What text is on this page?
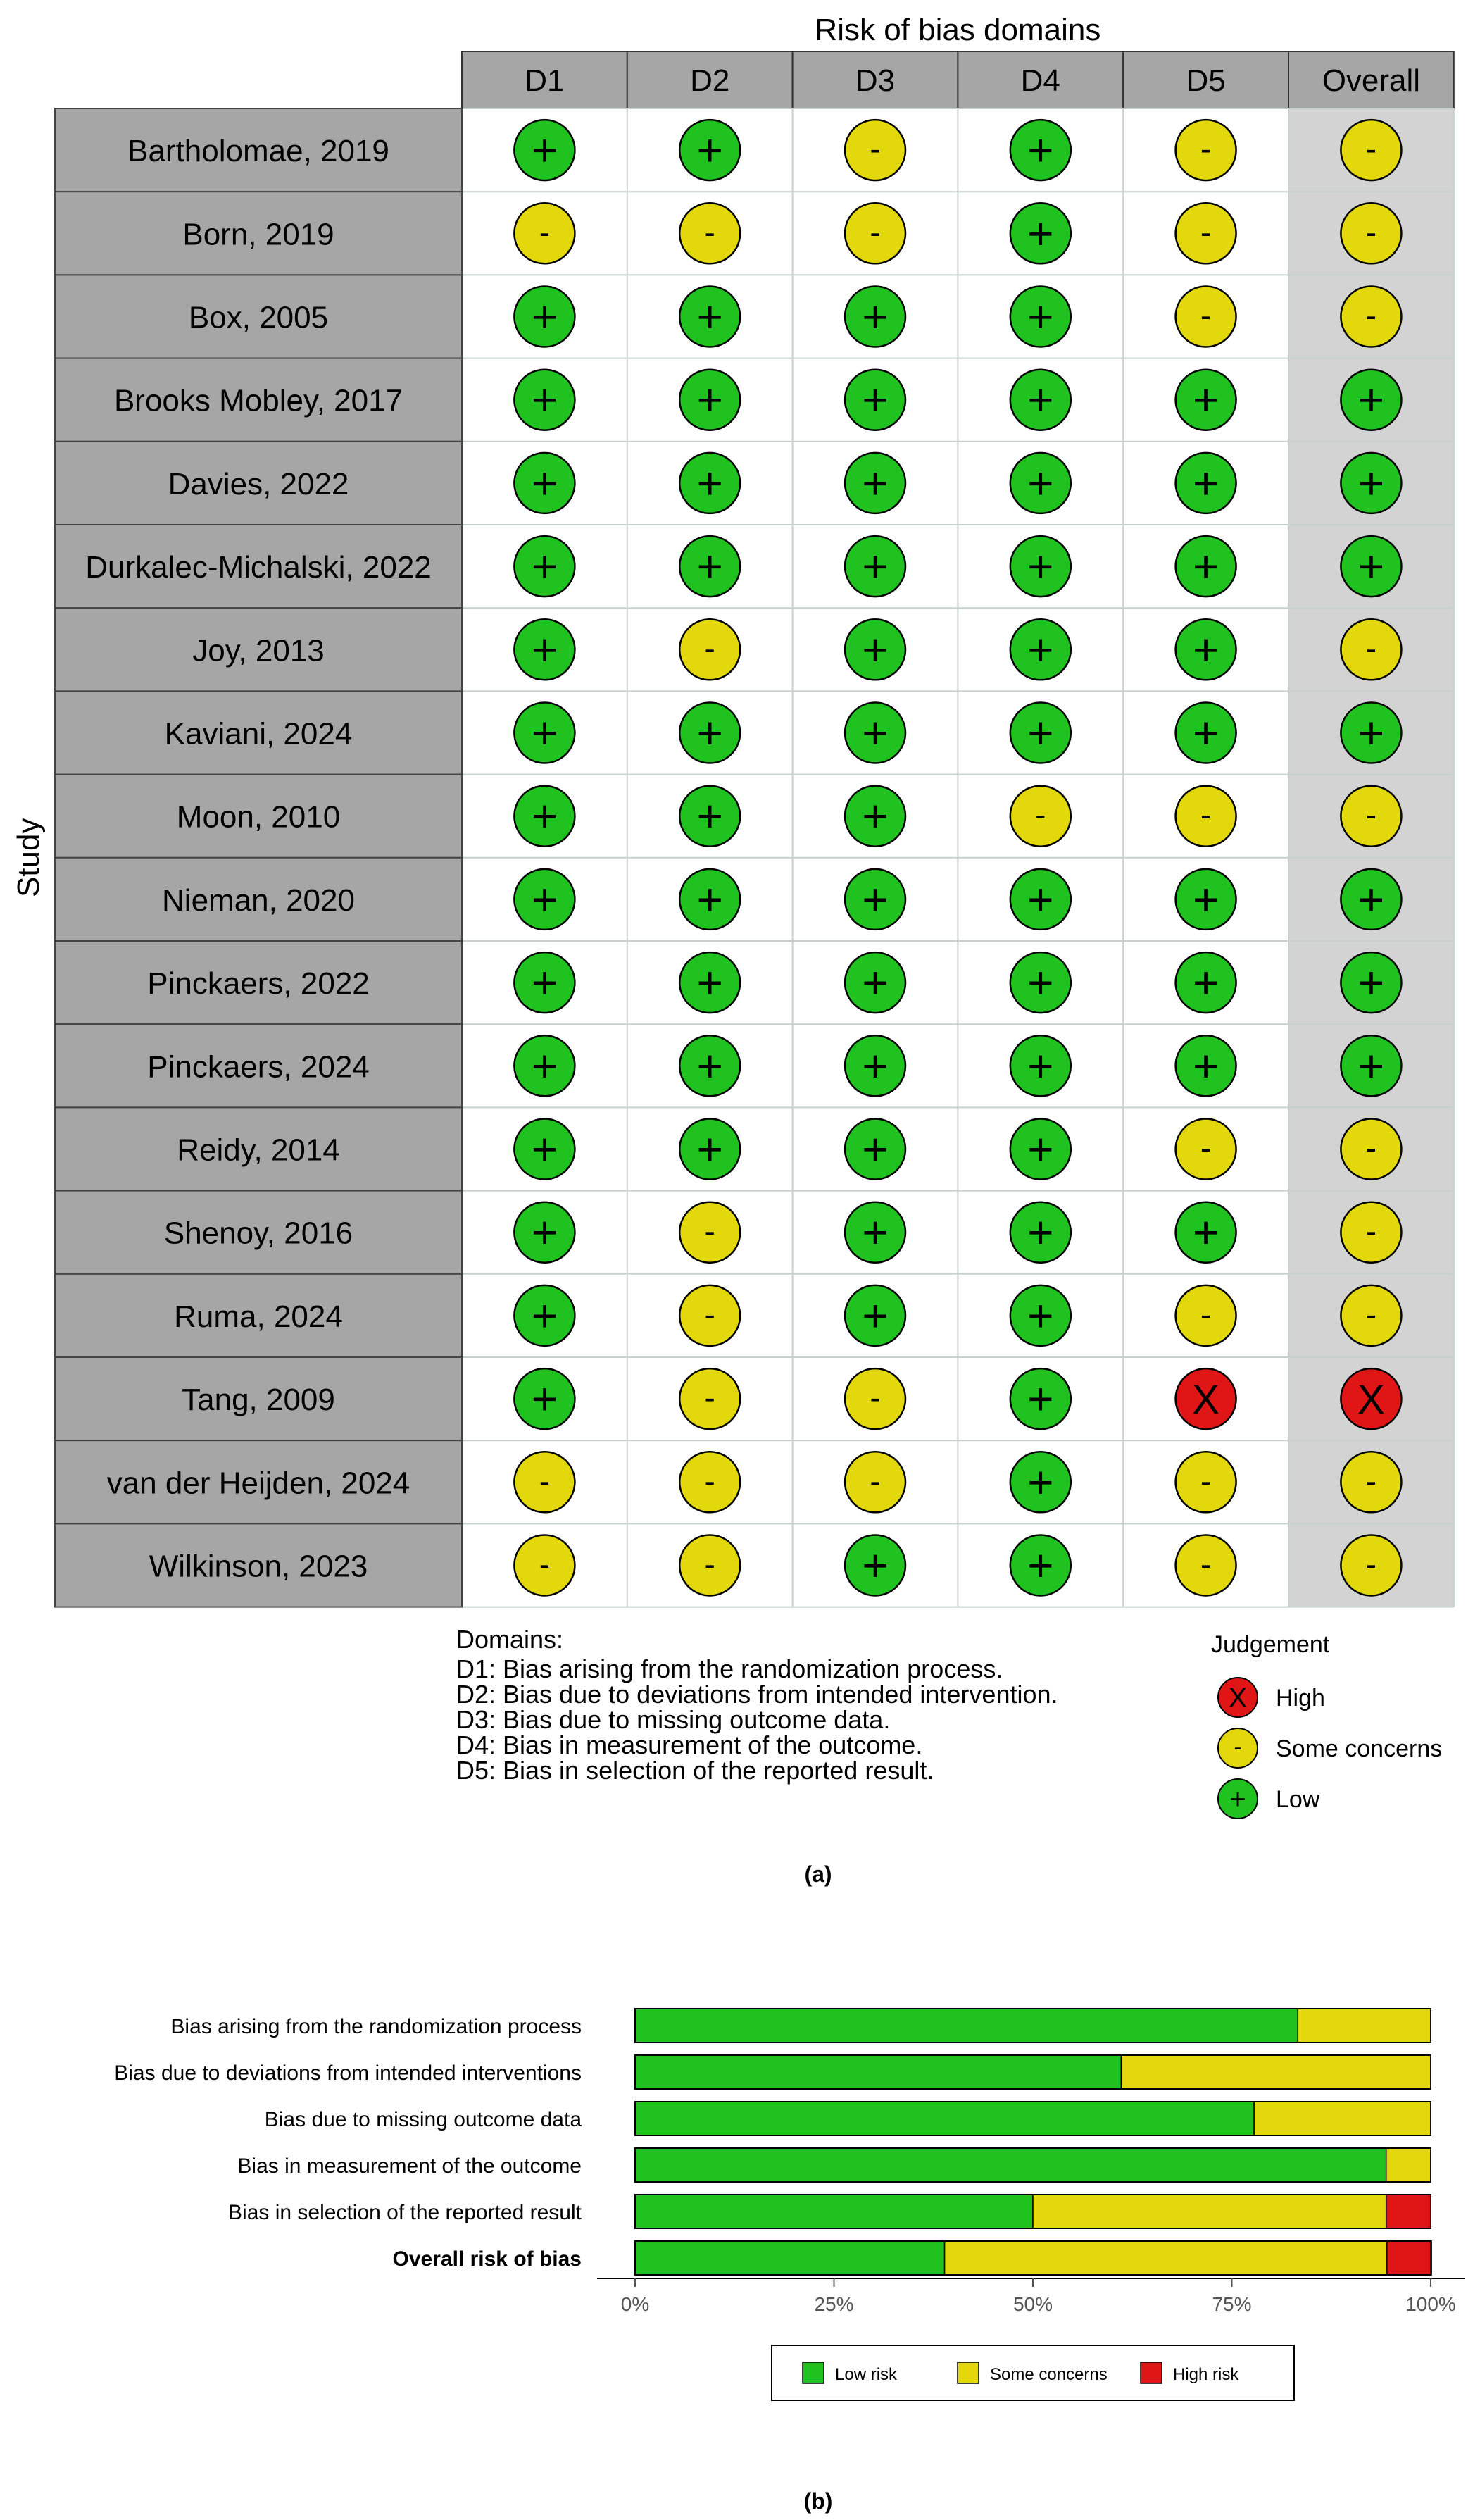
Risk of bias domains
D1	D2	D3	D4	D5	Overall
Bartholomae, 2019	+	+	-	+	-	-
Born, 2019	-	-	-	+	-	-
Box, 2005	+	+	+	+	-	-
Brooks Mobley, 2017	+	+	+	+	+	+
Davies, 2022	+	+	+	+	+	+
Durkalec-Michalski, 2022 +	+	+	+	+	+
Joy, 2013	+	-	+	+	+	-
Kaviani, 2024	+	+	+	+	+	+
Moon, 2010	+	+	+	-	-	-
Nieman, 2020	+	+	+	+	+	+
Pinckaers, 2022	+	+	+	+	+	+
Pinckaers, 2024	+	+	+	+	+	+
Reidy, 2014	+	+	+	+	-	-
Shenoy, 2016	+	-	+	+	+	-
Ruma, 2024	+	-	+	+	-	-
Tang, 2009	+	-	-	+	X	X
van der Heijden, 2024	-	-	-	+	-	-
Wilkinson, 2023	-	-	+	+	-	-
Study
Domains:
D1: Bias arising from the randomization process.
D2: Bias due to deviations from intended intervention.
D3: Bias due to missing outcome data.
D4: Bias in measurement of the outcome.
D5: Bias in selection of the reported result.
Judgement
X High
- Some concerns
+ Low
(a)
Bias arising from the randomization process
Bias due to deviations from intended interventions
Bias due to missing outcome data
Bias in measurement of the outcome
Bias in selection of the reported result
Overall risk of bias
0%	25%	50%	75%	100%
Low risk	Some concerns	High risk
(b)
